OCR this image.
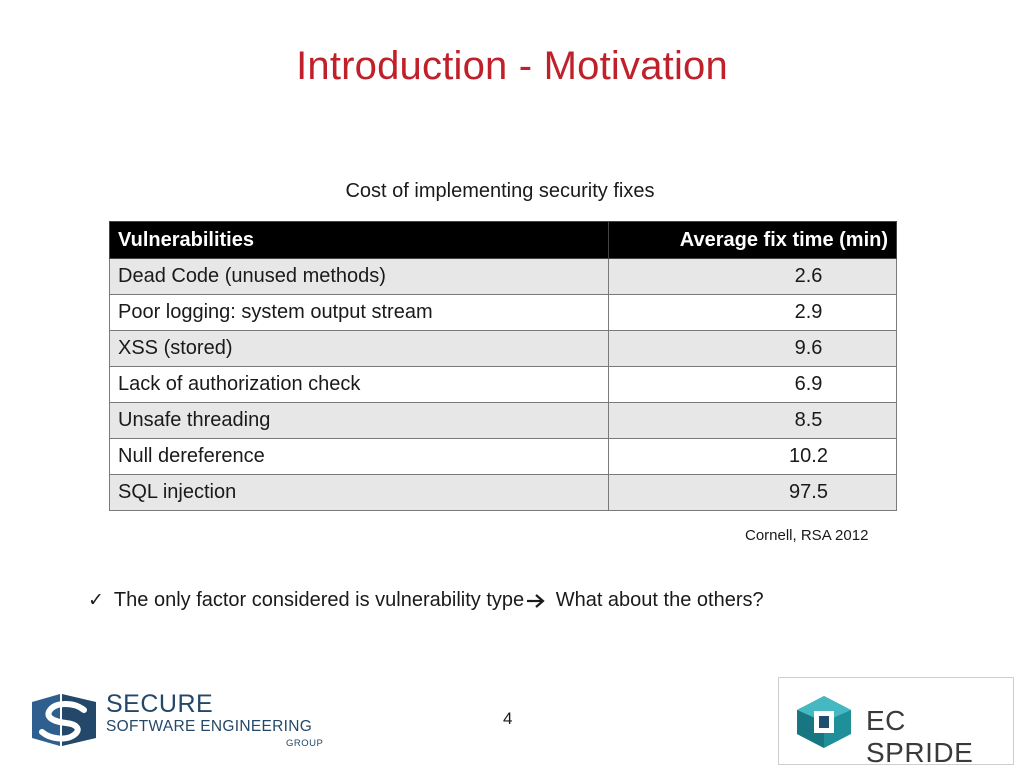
Introduction - Motivation
Cost of implementing security fixes
Vulnerabilities	Average fix time (min)
Dead Code (unused methods)	2.6
Poor logging: system output stream	2.9
XSS (stored)	9.6
Lack of authorization check	6.9
Unsafe threading	8.5
Null dereference	10.2
SQL injection	97.5
Cornell, RSA 2012
✓ The only factor considered is vulnerability type What about the others?
4
SECURE
SOFTWARE ENGINEERING
GROUP
EC SPRIDE
